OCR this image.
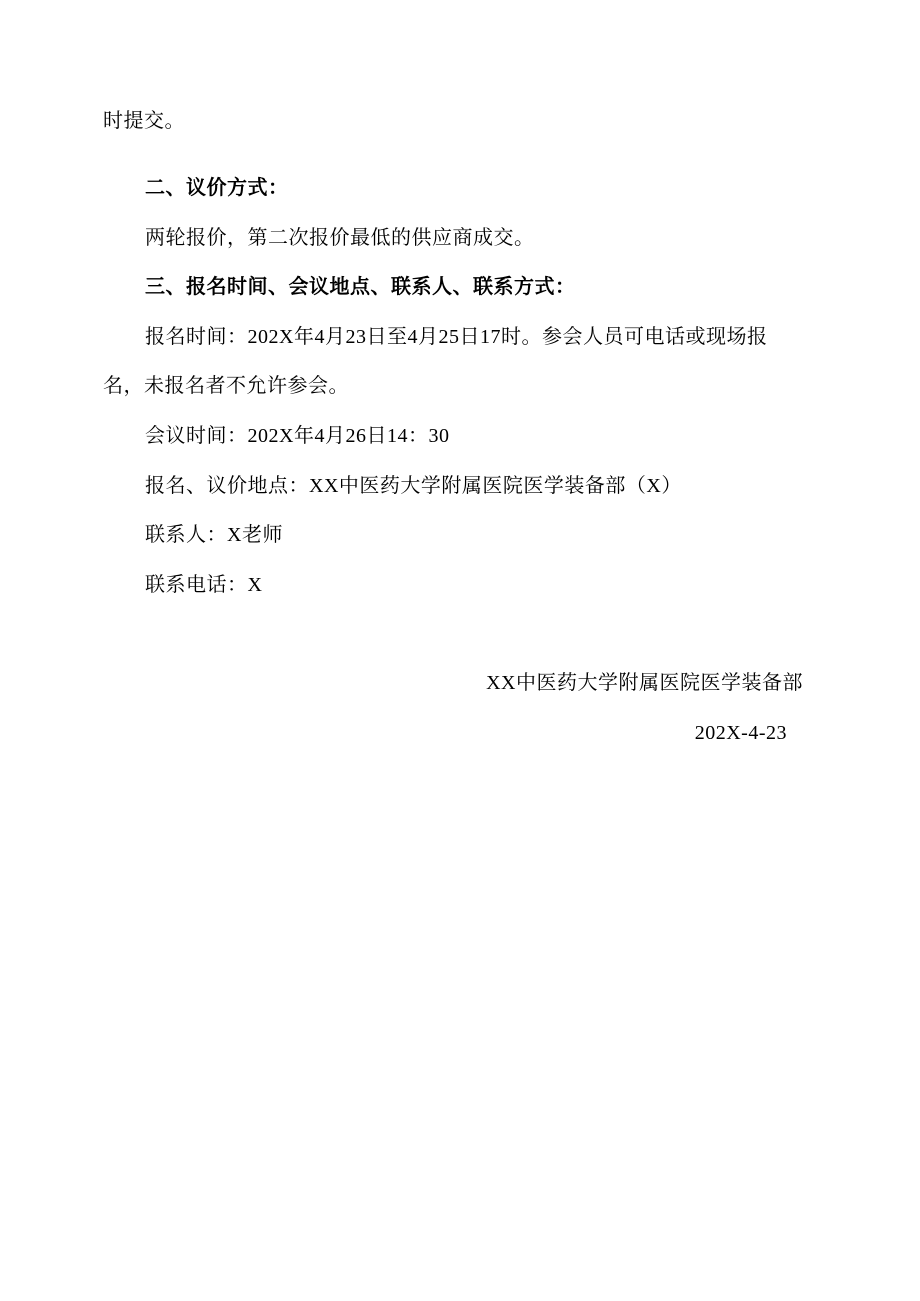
时提交。
二、议价方式：
两轮报价，第二次报价最低的供应商成交。
三、报名时间、会议地点、联系人、联系方式：
报名时间：202X年4月23日至4月25日17时。参会人员可电话或现场报
名，未报名者不允许参会。
会议时间：202X年4月26日14：30
报名、议价地点：XX中医药大学附属医院医学装备部（X）
联系人：X老师
联系电话：X
XX中医药大学附属医院医学装备部
202X-4-23
